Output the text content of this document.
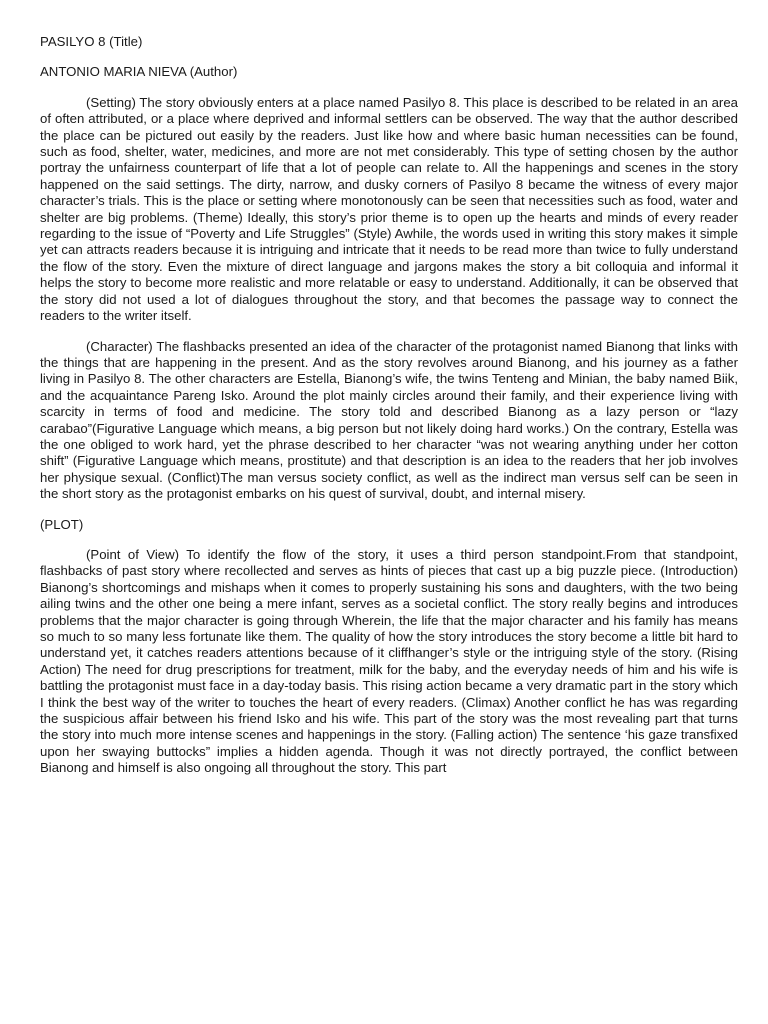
PASILYO 8 (Title)

ANTONIO MARIA NIEVA (Author)

(Setting) The story obviously enters at a place named Pasilyo 8. This place is described to be related in an area of often attributed, or a place where deprived and informal settlers can be observed. The way that the author described the place can be pictured out easily by the readers. Just like how and where basic human necessities can be found, such as food, shelter, water, medicines, and more are not met considerably. This type of setting chosen by the author portray the unfairness counterpart of life that a lot of people can relate to. All the happenings and scenes in the story happened on the said settings. The dirty, narrow, and dusky corners of Pasilyo 8 became the witness of every major character’s trials. This is the place or setting where monotonously can be seen that necessities such as food, water and shelter are big problems. (Theme) Ideally, this story’s prior theme is to open up the hearts and minds of every reader regarding to the issue of “Poverty and Life Struggles” (Style) Awhile, the words used in writing this story makes it simple yet can attracts readers because it is intriguing and intricate that it needs to be read more than twice to fully understand the flow of the story. Even the mixture of direct language and jargons makes the story a bit colloquia and informal it helps the story to become more realistic and more relatable or easy to understand. Additionally, it can be observed that the story did not used a lot of dialogues throughout the story, and that becomes the passage way to connect the readers to the writer itself.

(Character) The flashbacks presented an idea of the character of the protagonist named Bianong that links with the things that are happening in the present. And as the story revolves around Bianong, and his journey as a father living in Pasilyo 8. The other characters are Estella, Bianong’s wife, the twins Tenteng and Minian, the baby named Biik, and the acquaintance Pareng Isko. Around the plot mainly circles around their family, and their experience living with scarcity in terms of food and medicine. The story told and described Bianong as a lazy person or “lazy carabao”(Figurative Language which means, a big person but not likely doing hard works.) On the contrary, Estella was the one obliged to work hard, yet the phrase described to her character “was not wearing anything under her cotton shift” (Figurative Language which means, prostitute) and that description is an idea to the readers that her job involves her physique sexual. (Conflict)The man versus society conflict, as well as the indirect man versus self can be seen in the short story as the protagonist embarks on his quest of survival, doubt, and internal misery.

(PLOT)

(Point of View) To identify the flow of the story, it uses a third person standpoint.From that standpoint, flashbacks of past story where recollected and serves as hints of pieces that cast up a big puzzle piece. (Introduction) Bianong’s shortcomings and mishaps when it comes to properly sustaining his sons and daughters, with the two being ailing twins and the other one being a mere infant, serves as a societal conflict. The story really begins and introduces problems that the major character is going through Wherein, the life that the major character and his family has means so much to so many less fortunate like them. The quality of how the story introduces the story become a little bit hard to understand yet, it catches readers attentions because of it cliffhanger’s style or the intriguing style of the story. (Rising Action) The need for drug prescriptions for treatment, milk for the baby, and the everyday needs of him and his wife is battling the protagonist must face in a day-today basis. This rising action became a very dramatic part in the story which I think the best way of the writer to touches the heart of every readers. (Climax) Another conflict he has was regarding the suspicious affair between his friend Isko and his wife. This part of the story was the most revealing part that turns the story into much more intense scenes and happenings in the story. (Falling action) The sentence ‘his gaze transfixed upon her swaying buttocks” implies a hidden agenda. Though it was not directly portrayed, the conflict between Bianong and himself is also ongoing all throughout the story. This part
